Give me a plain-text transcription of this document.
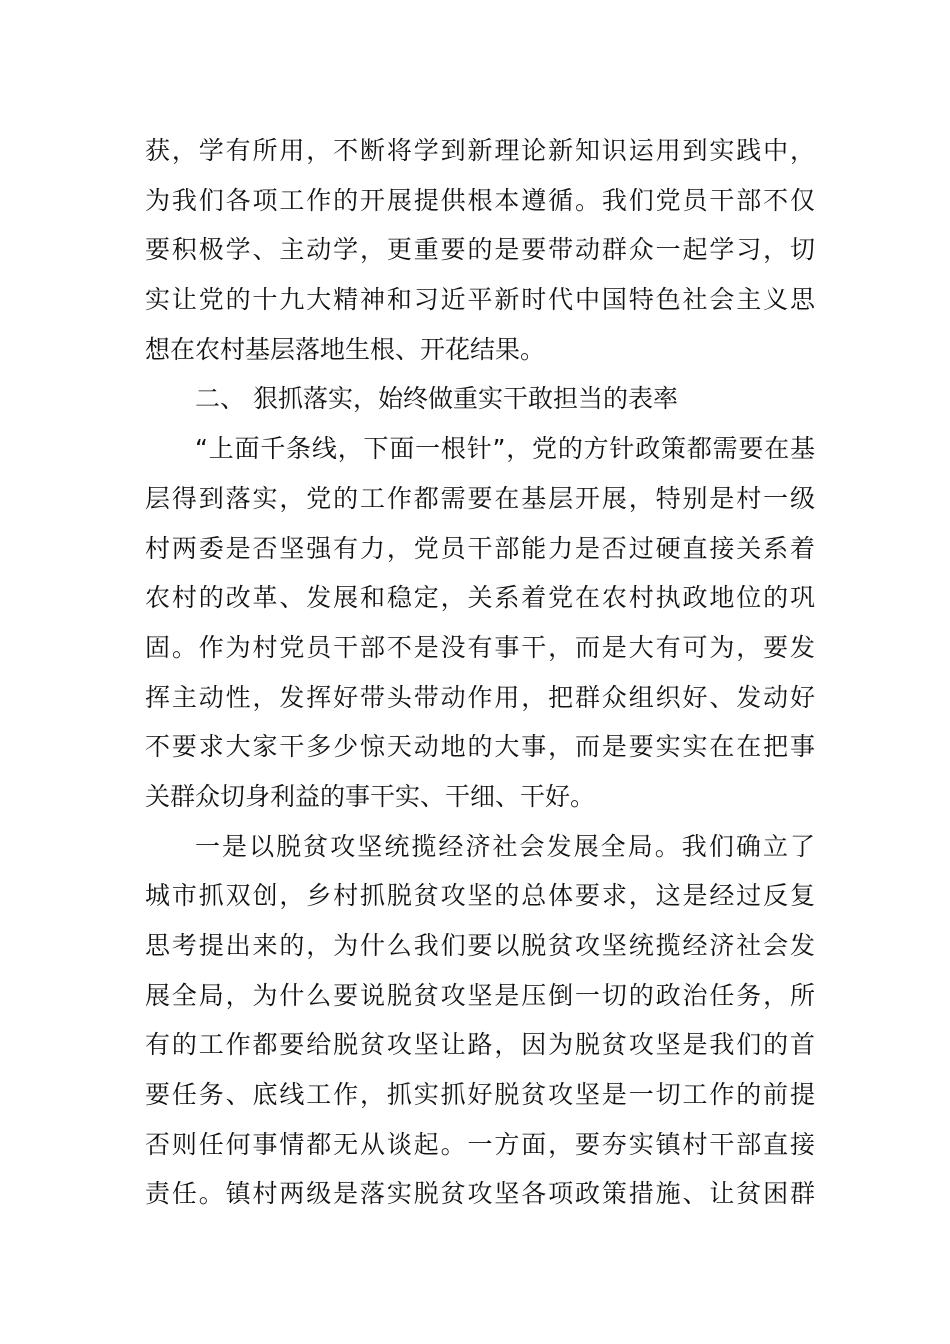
获，学有所用，不断将学到新理论新知识运用到实践中，
为我们各项工作的开展提供根本遵循。我们党员干部不仅
要积极学、主动学，更重要的是要带动群众一起学习，切
实让党的十九大精神和习近平新时代中国特色社会主义思
想在农村基层落地生根、开花结果。
二、 狠抓落实，始终做重实干敢担当的表率
“上面千条线，下面一根针”，党的方针政策都需要在基
层得到落实，党的工作都需要在基层开展，特别是村一级
村两委是否坚强有力，党员干部能力是否过硬直接关系着
农村的改革、发展和稳定，关系着党在农村执政地位的巩
固。作为村党员干部不是没有事干，而是大有可为，要发
挥主动性，发挥好带头带动作用，把群众组织好、发动好
不要求大家干多少惊天动地的大事，而是要实实在在把事
关群众切身利益的事干实、干细、干好。
一是以脱贫攻坚统揽经济社会发展全局。我们确立了
城市抓双创，乡村抓脱贫攻坚的总体要求，这是经过反复
思考提出来的，为什么我们要以脱贫攻坚统揽经济社会发
展全局，为什么要说脱贫攻坚是压倒一切的政治任务，所
有的工作都要给脱贫攻坚让路，因为脱贫攻坚是我们的首
要任务、底线工作，抓实抓好脱贫攻坚是一切工作的前提
否则任何事情都无从谈起。一方面，要夯实镇村干部直接
责任。镇村两级是落实脱贫攻坚各项政策措施、让贫困群
